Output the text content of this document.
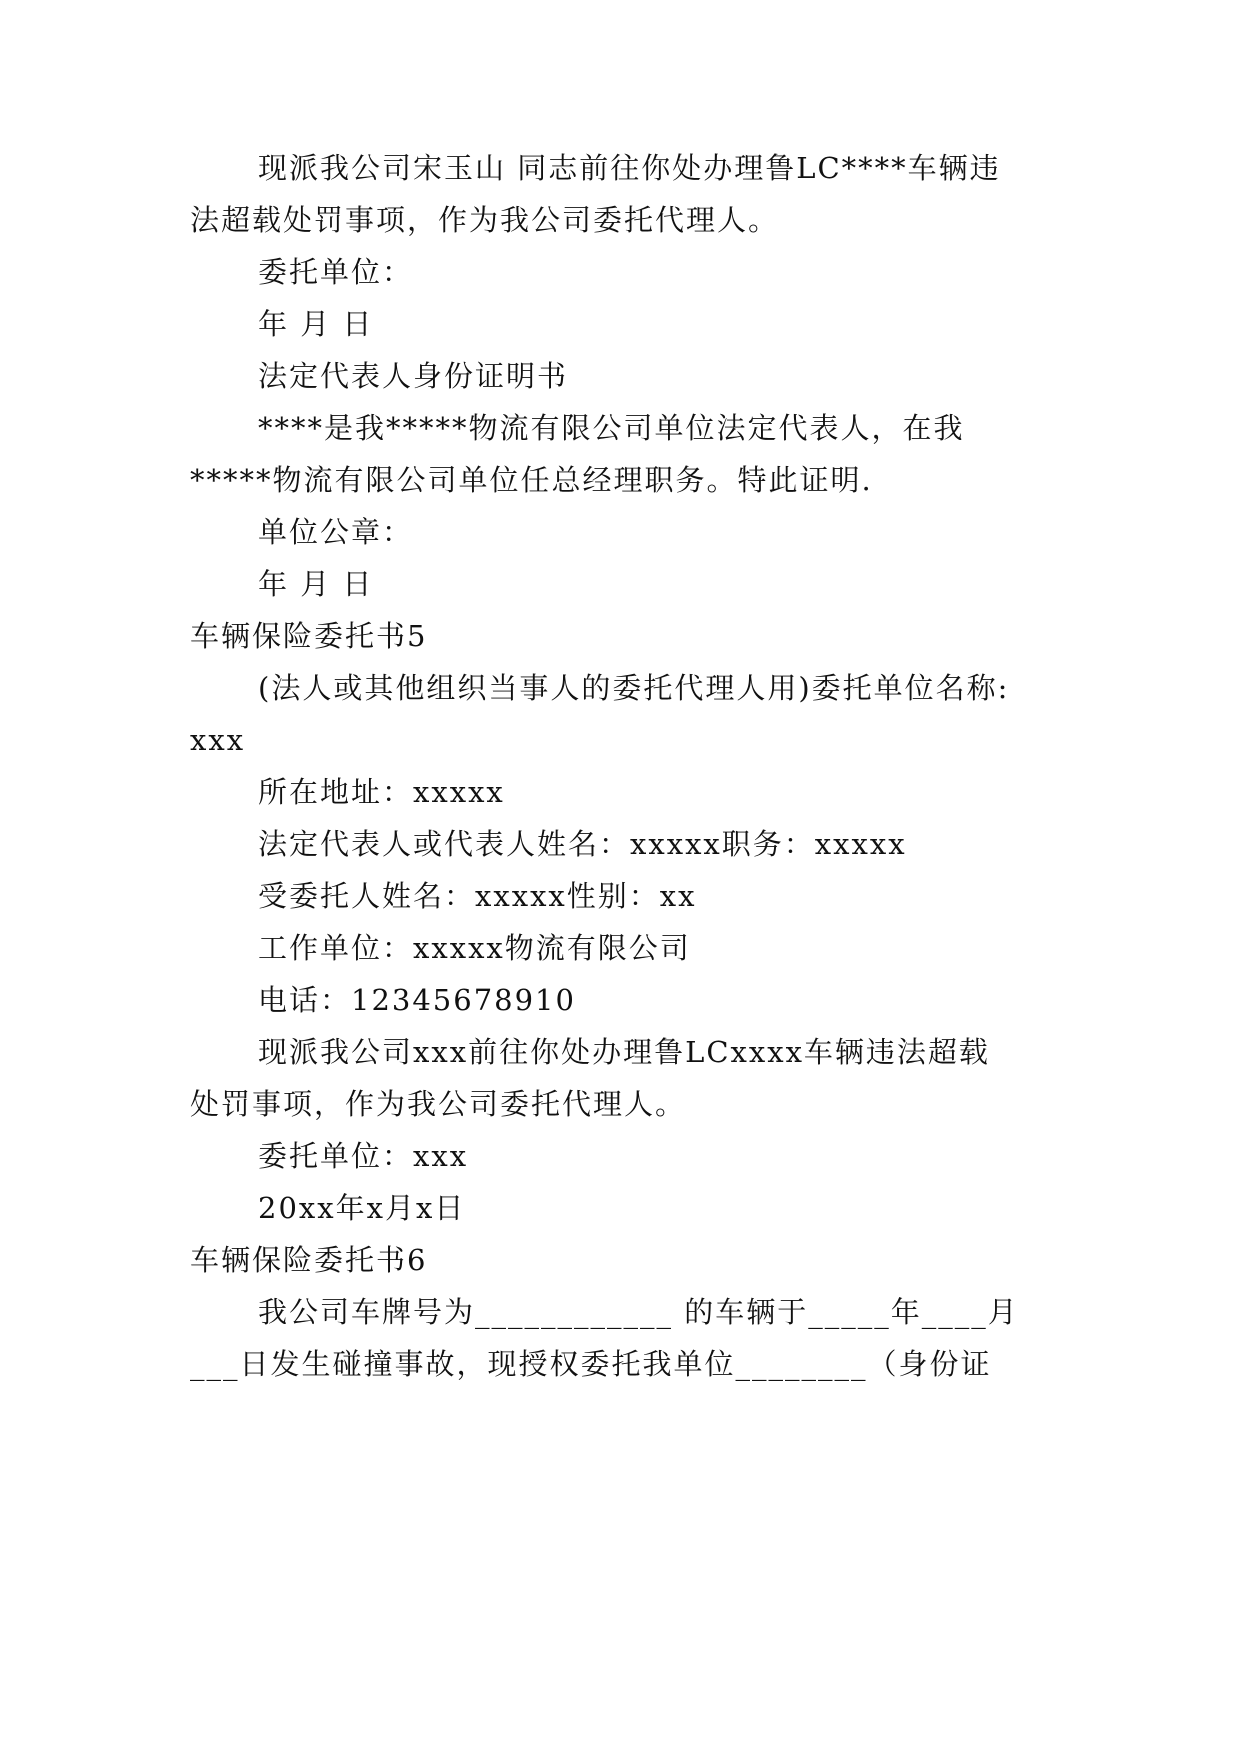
现派我公司宋玉山 同志前往你处办理鲁LC****车辆违
法超载处罚事项，作为我公司委托代理人。
委托单位：
年 月 日
法定代表人身份证明书
****是我*****物流有限公司单位法定代表人，在我
*****物流有限公司单位任总经理职务。特此证明.
单位公章：
年 月 日
车辆保险委托书5
(法人或其他组织当事人的委托代理人用)委托单位名称:
xxx
所在地址：xxxxx
法定代表人或代表人姓名：xxxxx职务：xxxxx
受委托人姓名：xxxxx性别：xx
工作单位：xxxxx物流有限公司
电话：12345678910
现派我公司xxx前往你处办理鲁LCxxxx车辆违法超载
处罚事项，作为我公司委托代理人。
委托单位：xxx
20xx年x月x日
车辆保险委托书6
我公司车牌号为____________ 的车辆于_____年____月
___日发生碰撞事故，现授权委托我单位________（身份证
